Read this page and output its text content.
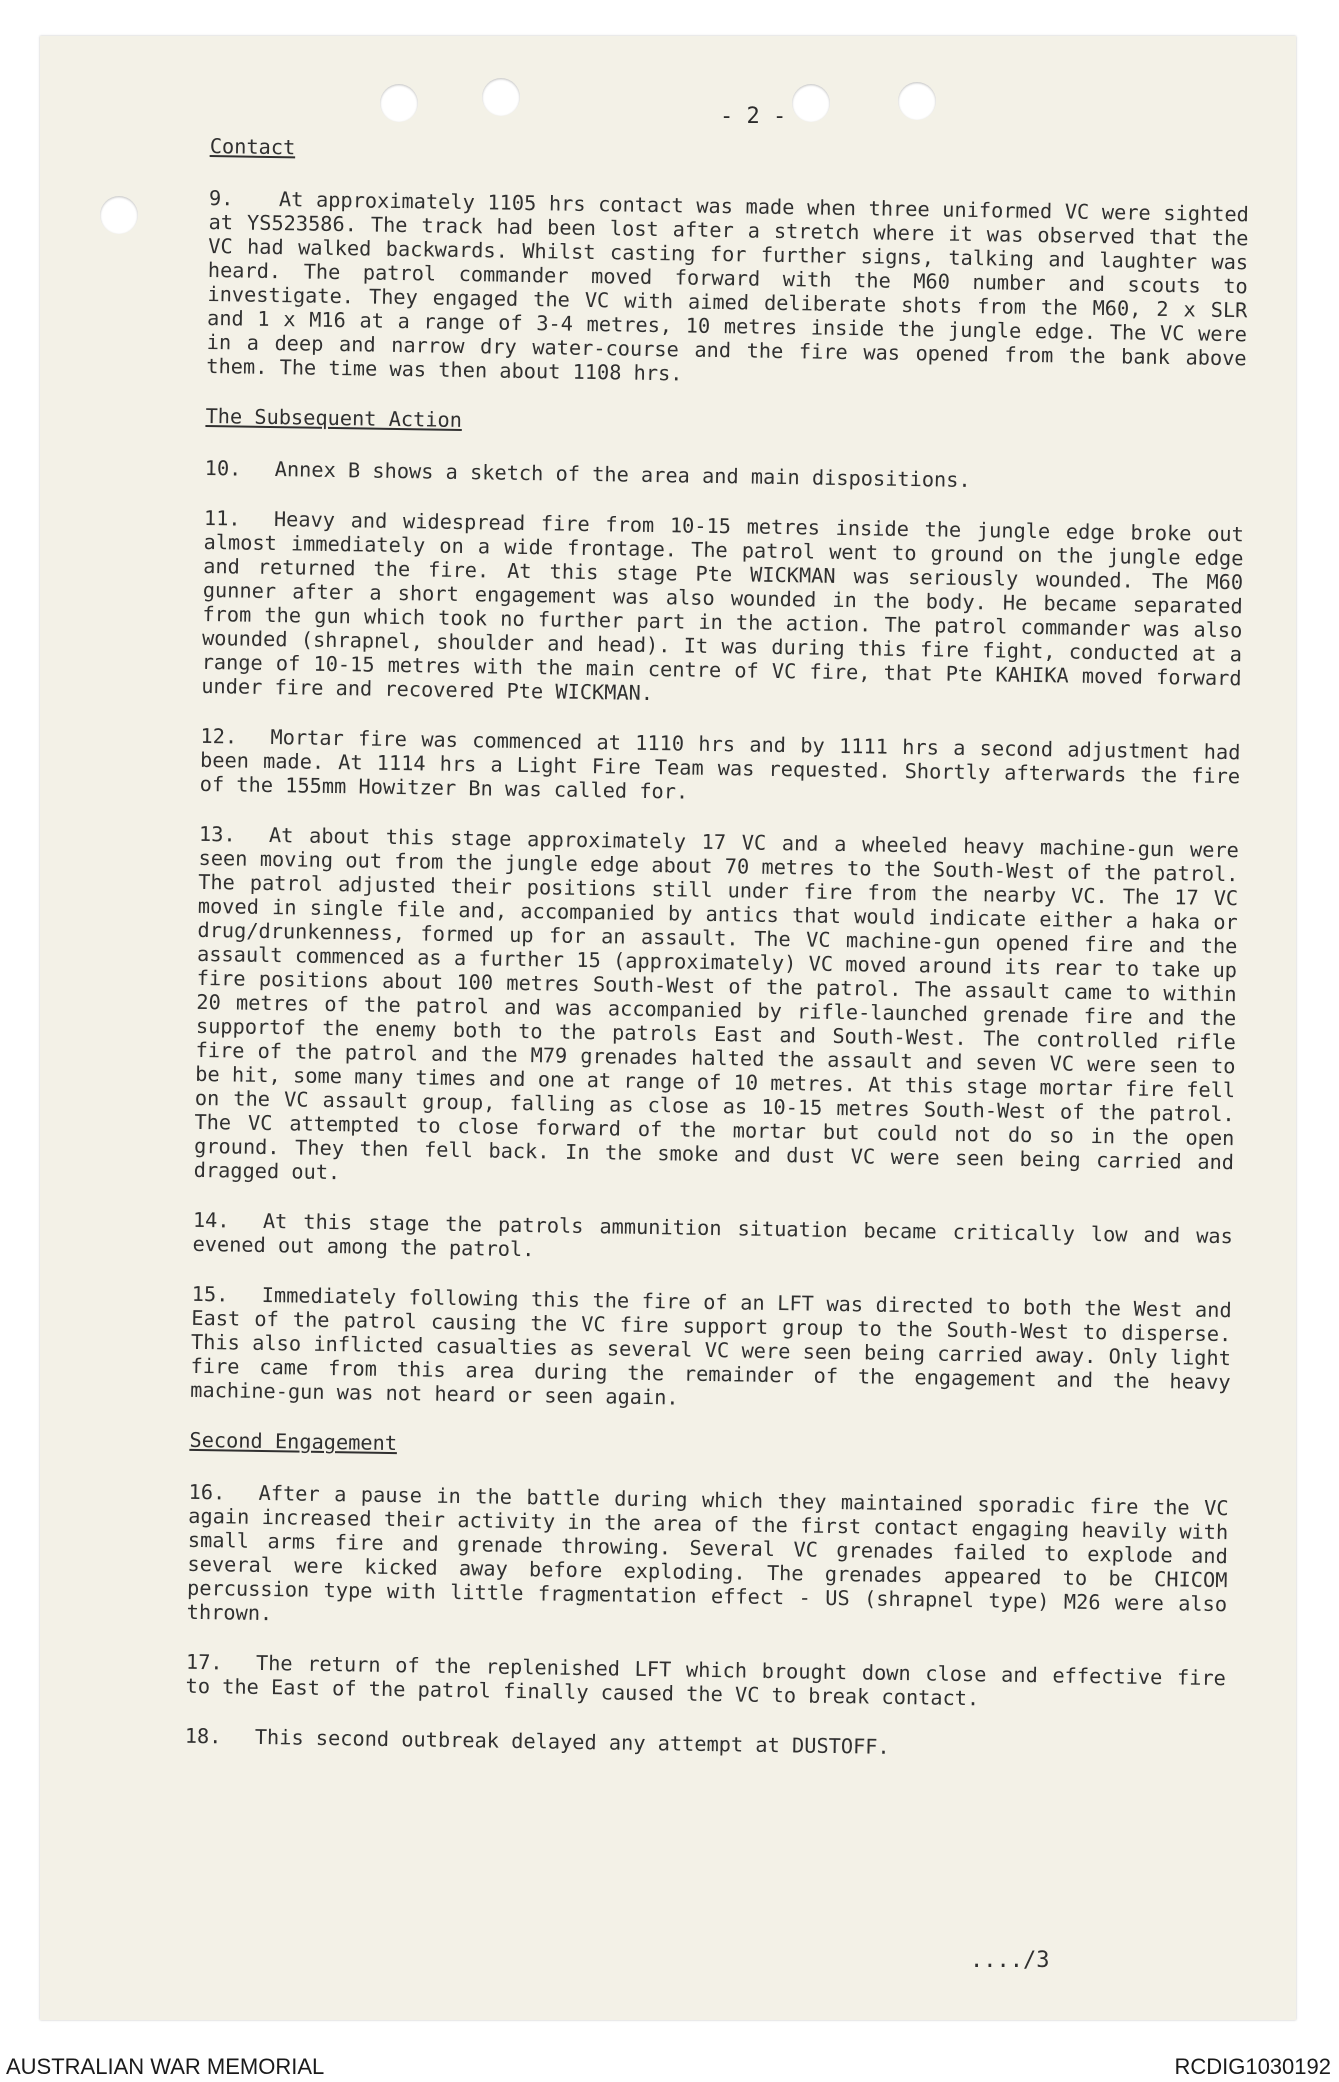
- 2 -
Contact
9. At approximately 1105 hrs contact was made when three uniformed VC were sighted at YS523586. The track had been lost after a stretch where it was observed that the VC had walked backwards. Whilst casting for further signs, talking and laughter was heard. The patrol commander moved forward with the M60 number and scouts to investigate. They engaged the VC with aimed deliberate shots from the M60, 2 x SLR and 1 x M16 at a range of 3-4 metres, 10 metres inside the jungle edge. The VC were in a deep and narrow dry water-course and the fire was opened from the bank above them. The time was then about 1108 hrs.
The Subsequent Action
10. Annex B shows a sketch of the area and main dispositions.
11. Heavy and widespread fire from 10-15 metres inside the jungle edge broke out almost immediately on a wide frontage. The patrol went to ground on the jungle edge and returned the fire. At this stage Pte WICKMAN was seriously wounded. The M60 gunner after a short engagement was also wounded in the body. He became separated from the gun which took no further part in the action. The patrol commander was also wounded (shrapnel, shoulder and head). It was during this fire fight, conducted at a range of 10-15 metres with the main centre of VC fire, that Pte KAHIKA moved forward under fire and recovered Pte WICKMAN.
12. Mortar fire was commenced at 1110 hrs and by 1111 hrs a second adjustment had been made. At 1114 hrs a Light Fire Team was requested. Shortly afterwards the fire of the 155mm Howitzer Bn was called for.
13. At about this stage approximately 17 VC and a wheeled heavy machine-gun were seen moving out from the jungle edge about 70 metres to the South-West of the patrol. The patrol adjusted their positions still under fire from the nearby VC. The 17 VC moved in single file and, accompanied by antics that would indicate either a haka or drug/drunkenness, formed up for an assault. The VC machine-gun opened fire and the assault commenced as a further 15 (approximately) VC moved around its rear to take up fire positions about 100 metres South-West of the patrol. The assault came to within 20 metres of the patrol and was accompanied by rifle-launched grenade fire and the supportof the enemy both to the patrols East and South-West. The controlled rifle fire of the patrol and the M79 grenades halted the assault and seven VC were seen to be hit, some many times and one at range of 10 metres. At this stage mortar fire fell on the VC assault group, falling as close as 10-15 metres South-West of the patrol. The VC attempted to close forward of the mortar but could not do so in the open ground. They then fell back. In the smoke and dust VC were seen being carried and dragged out.
14. At this stage the patrols ammunition situation became critically low and was evened out among the patrol.
15. Immediately following this the fire of an LFT was directed to both the West and East of the patrol causing the VC fire support group to the South-West to disperse. This also inflicted casualties as several VC were seen being carried away. Only light fire came from this area during the remainder of the engagement and the heavy machine-gun was not heard or seen again.
Second Engagement
16. After a pause in the battle during which they maintained sporadic fire the VC again increased their activity in the area of the first contact engaging heavily with small arms fire and grenade throwing. Several VC grenades failed to explode and several were kicked away before exploding. The grenades appeared to be CHICOM percussion type with little fragmentation effect - US (shrapnel type) M26 were also thrown.
17. The return of the replenished LFT which brought down close and effective fire to the East of the patrol finally caused the VC to break contact.
18. This second outbreak delayed any attempt at DUSTOFF.
..../3
AUSTRALIAN WAR MEMORIAL	RCDIG1030192
